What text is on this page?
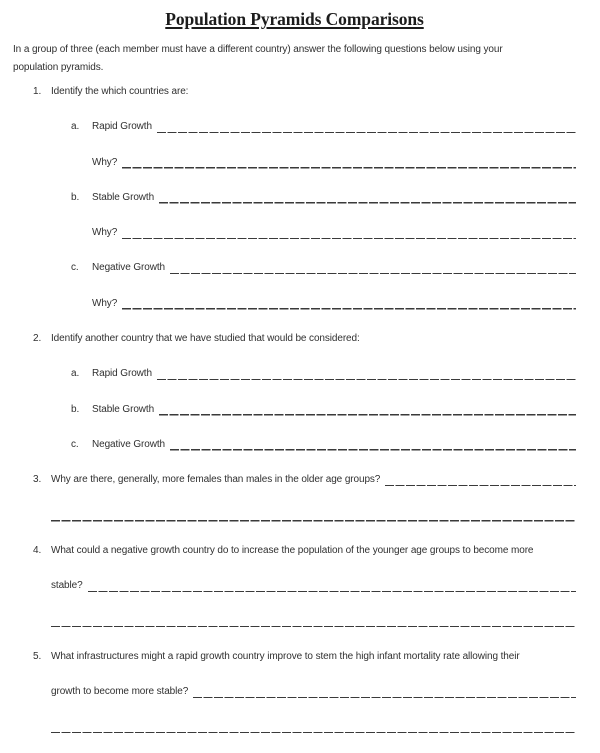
Population Pyramids Comparisons
In a group of three (each member must have a different country) answer the following questions below using your
population pyramids.
1. Identify the which countries are:
a.	Rapid Growth
Why?
b.	Stable Growth
Why?
c.	Negative Growth
Why?
2. Identify another country that we have studied that would be considered:
a.	Rapid Growth
b.	Stable Growth
c.	Negative Growth
3. Why are there, generally, more females than males in the older age groups?
4. What could a negative growth country do to increase the population of the younger age groups to become more
stable?
5. What infrastructures might a rapid growth country improve to stem the high infant mortality rate allowing their
growth to become more stable?
